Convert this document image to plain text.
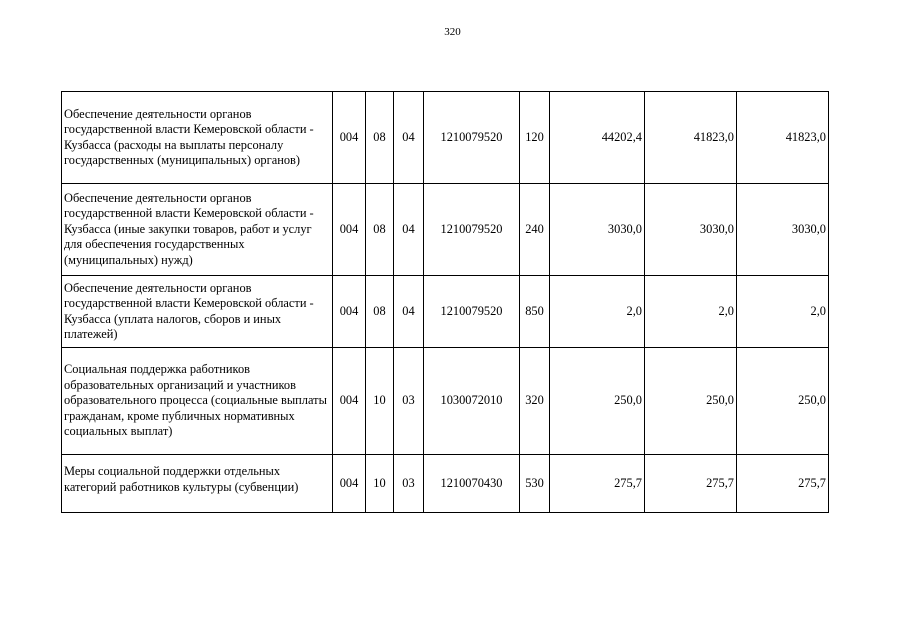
320
Обеспечение деятельности органов государственной власти Кемеровской области - Кузбасса (расходы на выплаты персоналу государственных (муниципальных) органов)	004	08	04	1210079520	120	44202,4	41823,0	41823,0
Обеспечение деятельности органов государственной власти Кемеровской области - Кузбасса (иные закупки товаров, работ и услуг для обеспечения государственных (муниципальных) нужд)	004	08	04	1210079520	240	3030,0	3030,0	3030,0
Обеспечение деятельности органов государственной власти Кемеровской области - Кузбасса (уплата налогов, сборов и иных платежей)	004	08	04	1210079520	850	2,0	2,0	2,0
Социальная поддержка работников образовательных организаций и участников образовательного процесса (социальные выплаты гражданам, кроме публичных нормативных социальных выплат)	004	10	03	1030072010	320	250,0	250,0	250,0
Меры социальной поддержки отдельных категорий работников культуры (субвенции)	004	10	03	1210070430	530	275,7	275,7	275,7
